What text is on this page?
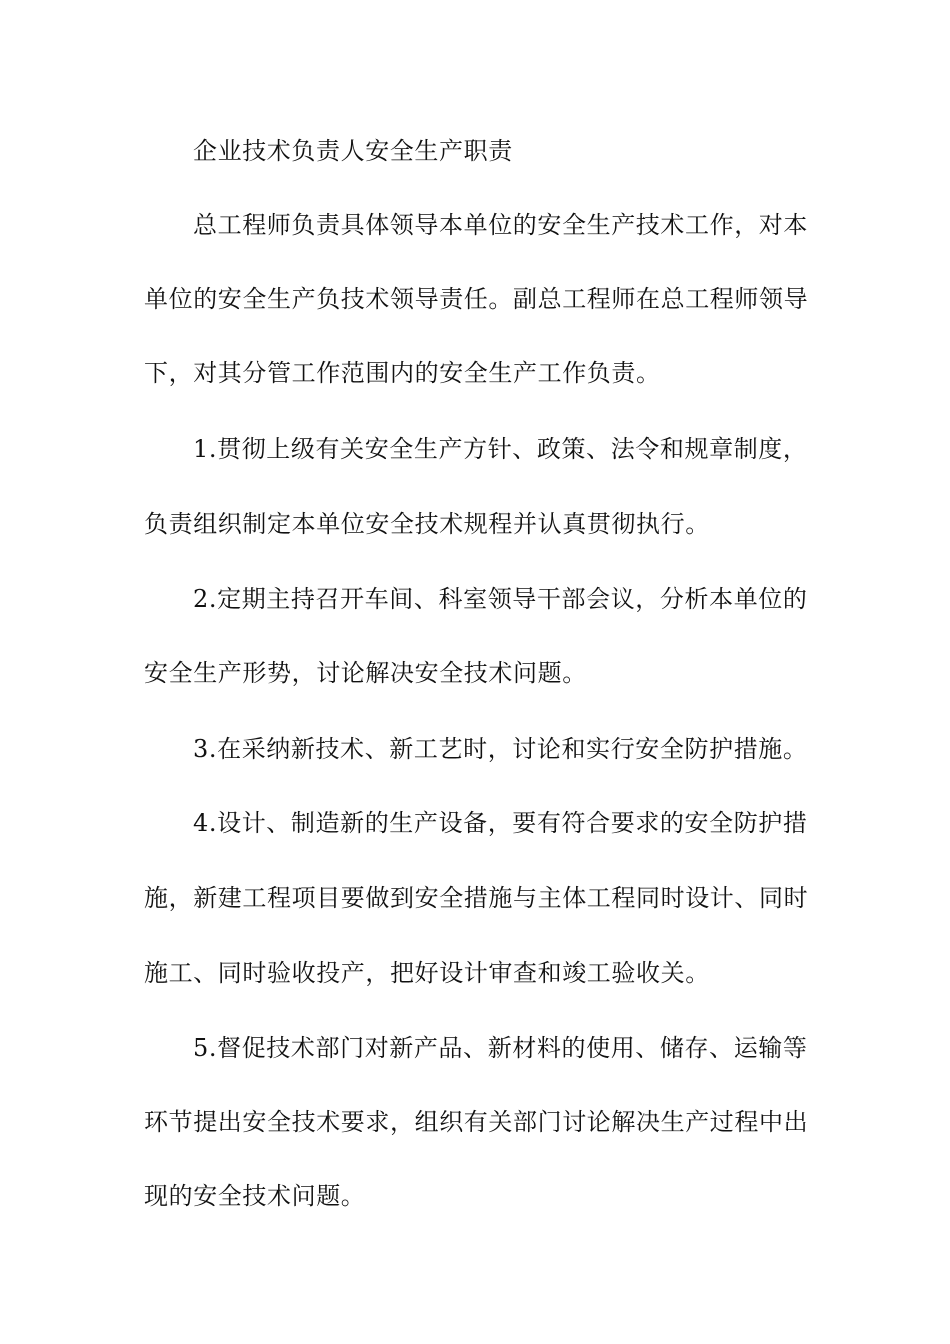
企业技术负责人安全生产职责
总工程师负责具体领导本单位的安全生产技术工作，对本
单位的安全生产负技术领导责任。副总工程师在总工程师领导
下，对其分管工作范围内的安全生产工作负责。
1.贯彻上级有关安全生产方针、政策、法令和规章制度，
负责组织制定本单位安全技术规程并认真贯彻执行。
2.定期主持召开车间、科室领导干部会议，分析本单位的
安全生产形势，讨论解决安全技术问题。
3.在采纳新技术、新工艺时，讨论和实行安全防护措施。
4.设计、制造新的生产设备，要有符合要求的安全防护措
施，新建工程项目要做到安全措施与主体工程同时设计、同时
施工、同时验收投产，把好设计审查和竣工验收关。
5.督促技术部门对新产品、新材料的使用、储存、运输等
环节提出安全技术要求，组织有关部门讨论解决生产过程中出
现的安全技术问题。
